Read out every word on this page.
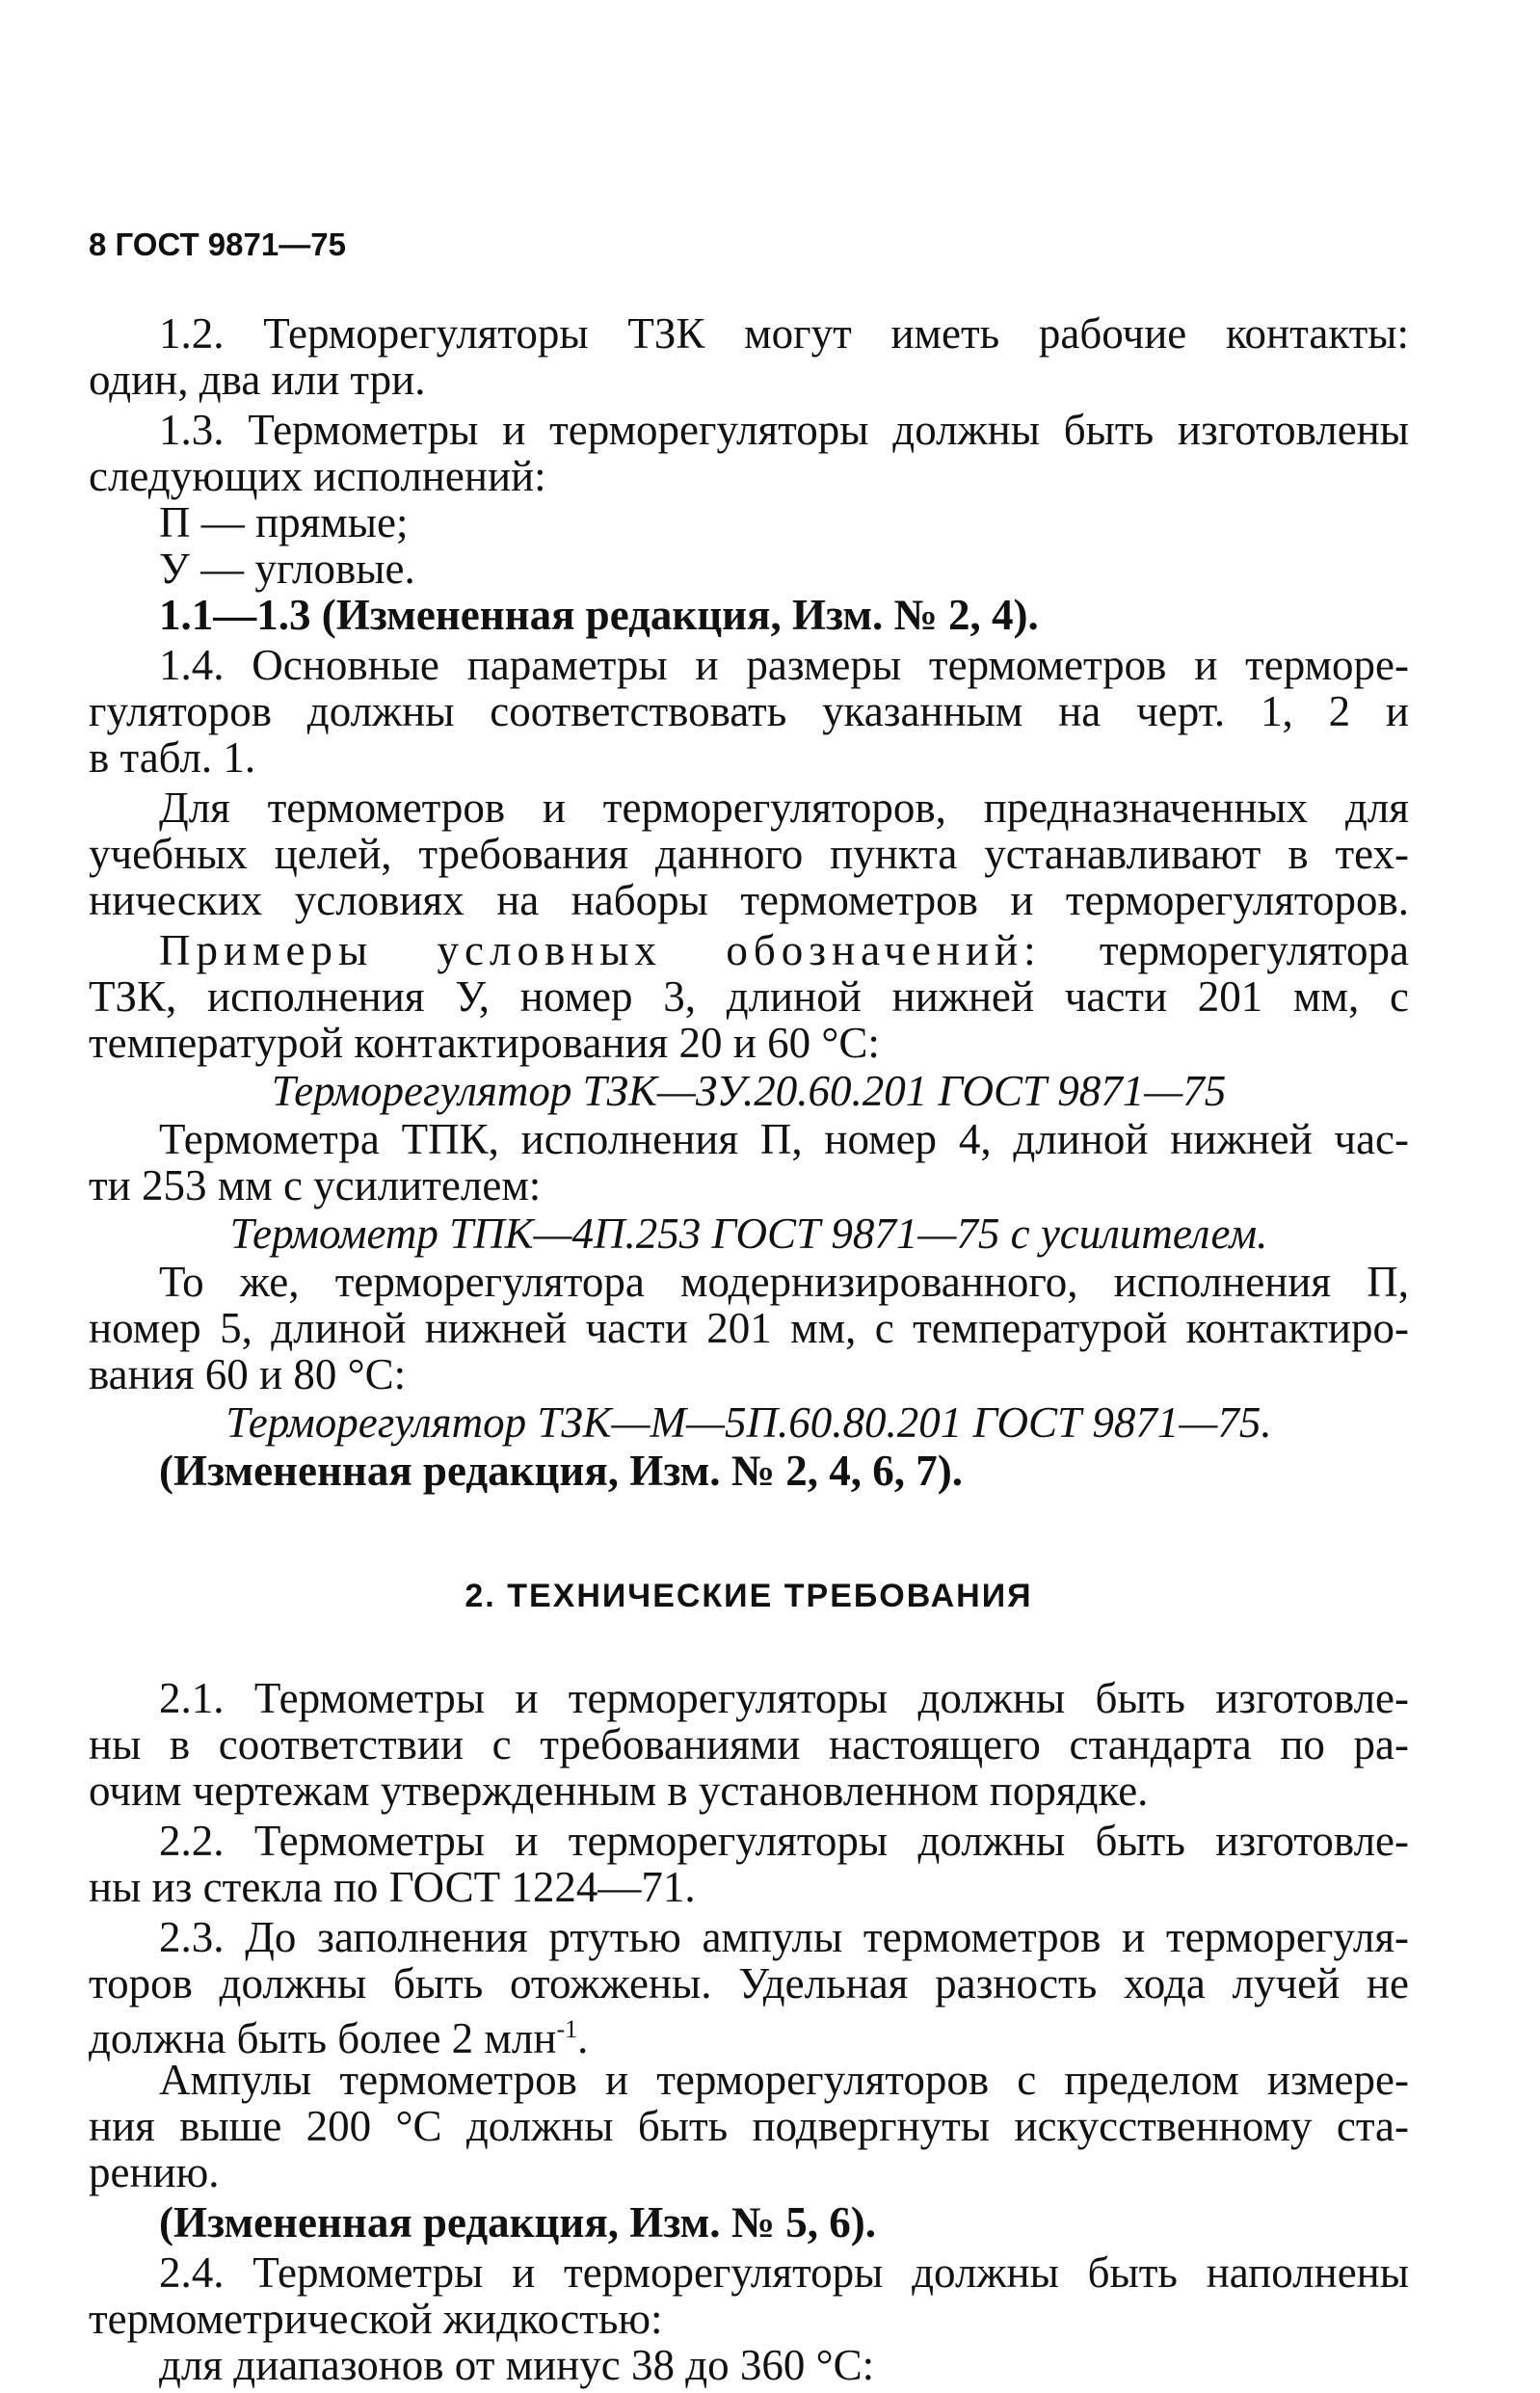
8 ГОСТ 9871—75
1.2. Терморегуляторы ТЗК могут иметь рабочие контакты:
один, два или три.
1.3. Термометры и терморегуляторы должны быть изготовлены
следующих исполнений:
П — прямые;
У — угловые.
1.1—1.3 (Измененная редакция, Изм. № 2, 4).
1.4. Основные параметры и размеры термометров и терморе-
гуляторов должны соответствовать указанным на черт. 1, 2 и
в табл. 1.
Для термометров и терморегуляторов, предназначенных для
учебных целей, требования данного пункта устанавливают в тех-
нических условиях на наборы термометров и терморегуляторов.
Примеры условных обозначений: терморегулятора
ТЗК, исполнения У, номер 3, длиной нижней части 201 мм, с
температурой контактирования 20 и 60 °С:
Терморегулятор ТЗК—ЗУ.20.60.201 ГОСТ 9871—75
Термометра ТПК, исполнения П, номер 4, длиной нижней час-
ти 253 мм с усилителем:
Термометр ТПК—4П.253 ГОСТ 9871—75 с усилителем.
То же, терморегулятора модернизированного, исполнения П,
номер 5, длиной нижней части 201 мм, с температурой контактиро-
вания 60 и 80 °С:
Терморегулятор ТЗК—М—5П.60.80.201 ГОСТ 9871—75.
(Измененная редакция, Изм. № 2, 4, 6, 7).
2. ТЕХНИЧЕСКИЕ ТРЕБОВАНИЯ
2.1. Термометры и терморегуляторы должны быть изготовле-
ны в соответствии с требованиями настоящего стандарта по ра-
очим чертежам утвержденным в установленном порядке.
2.2. Термометры и терморегуляторы должны быть изготовле-
ны из стекла по ГОСТ 1224—71.
2.3. До заполнения ртутью ампулы термометров и терморегуля-
торов должны быть отожжены. Удельная разность хода лучей не
должна быть более 2 млн$^{-1}$.
Ампулы термометров и терморегуляторов с пределом измере-
ния выше 200 °С должны быть подвергнуты искусственному ста-
рению.
(Измененная редакция, Изм. № 5, 6).
2.4. Термометры и терморегуляторы должны быть наполнены
термометрической жидкостью:
для диапазонов от минус 38 до 360 °С:
